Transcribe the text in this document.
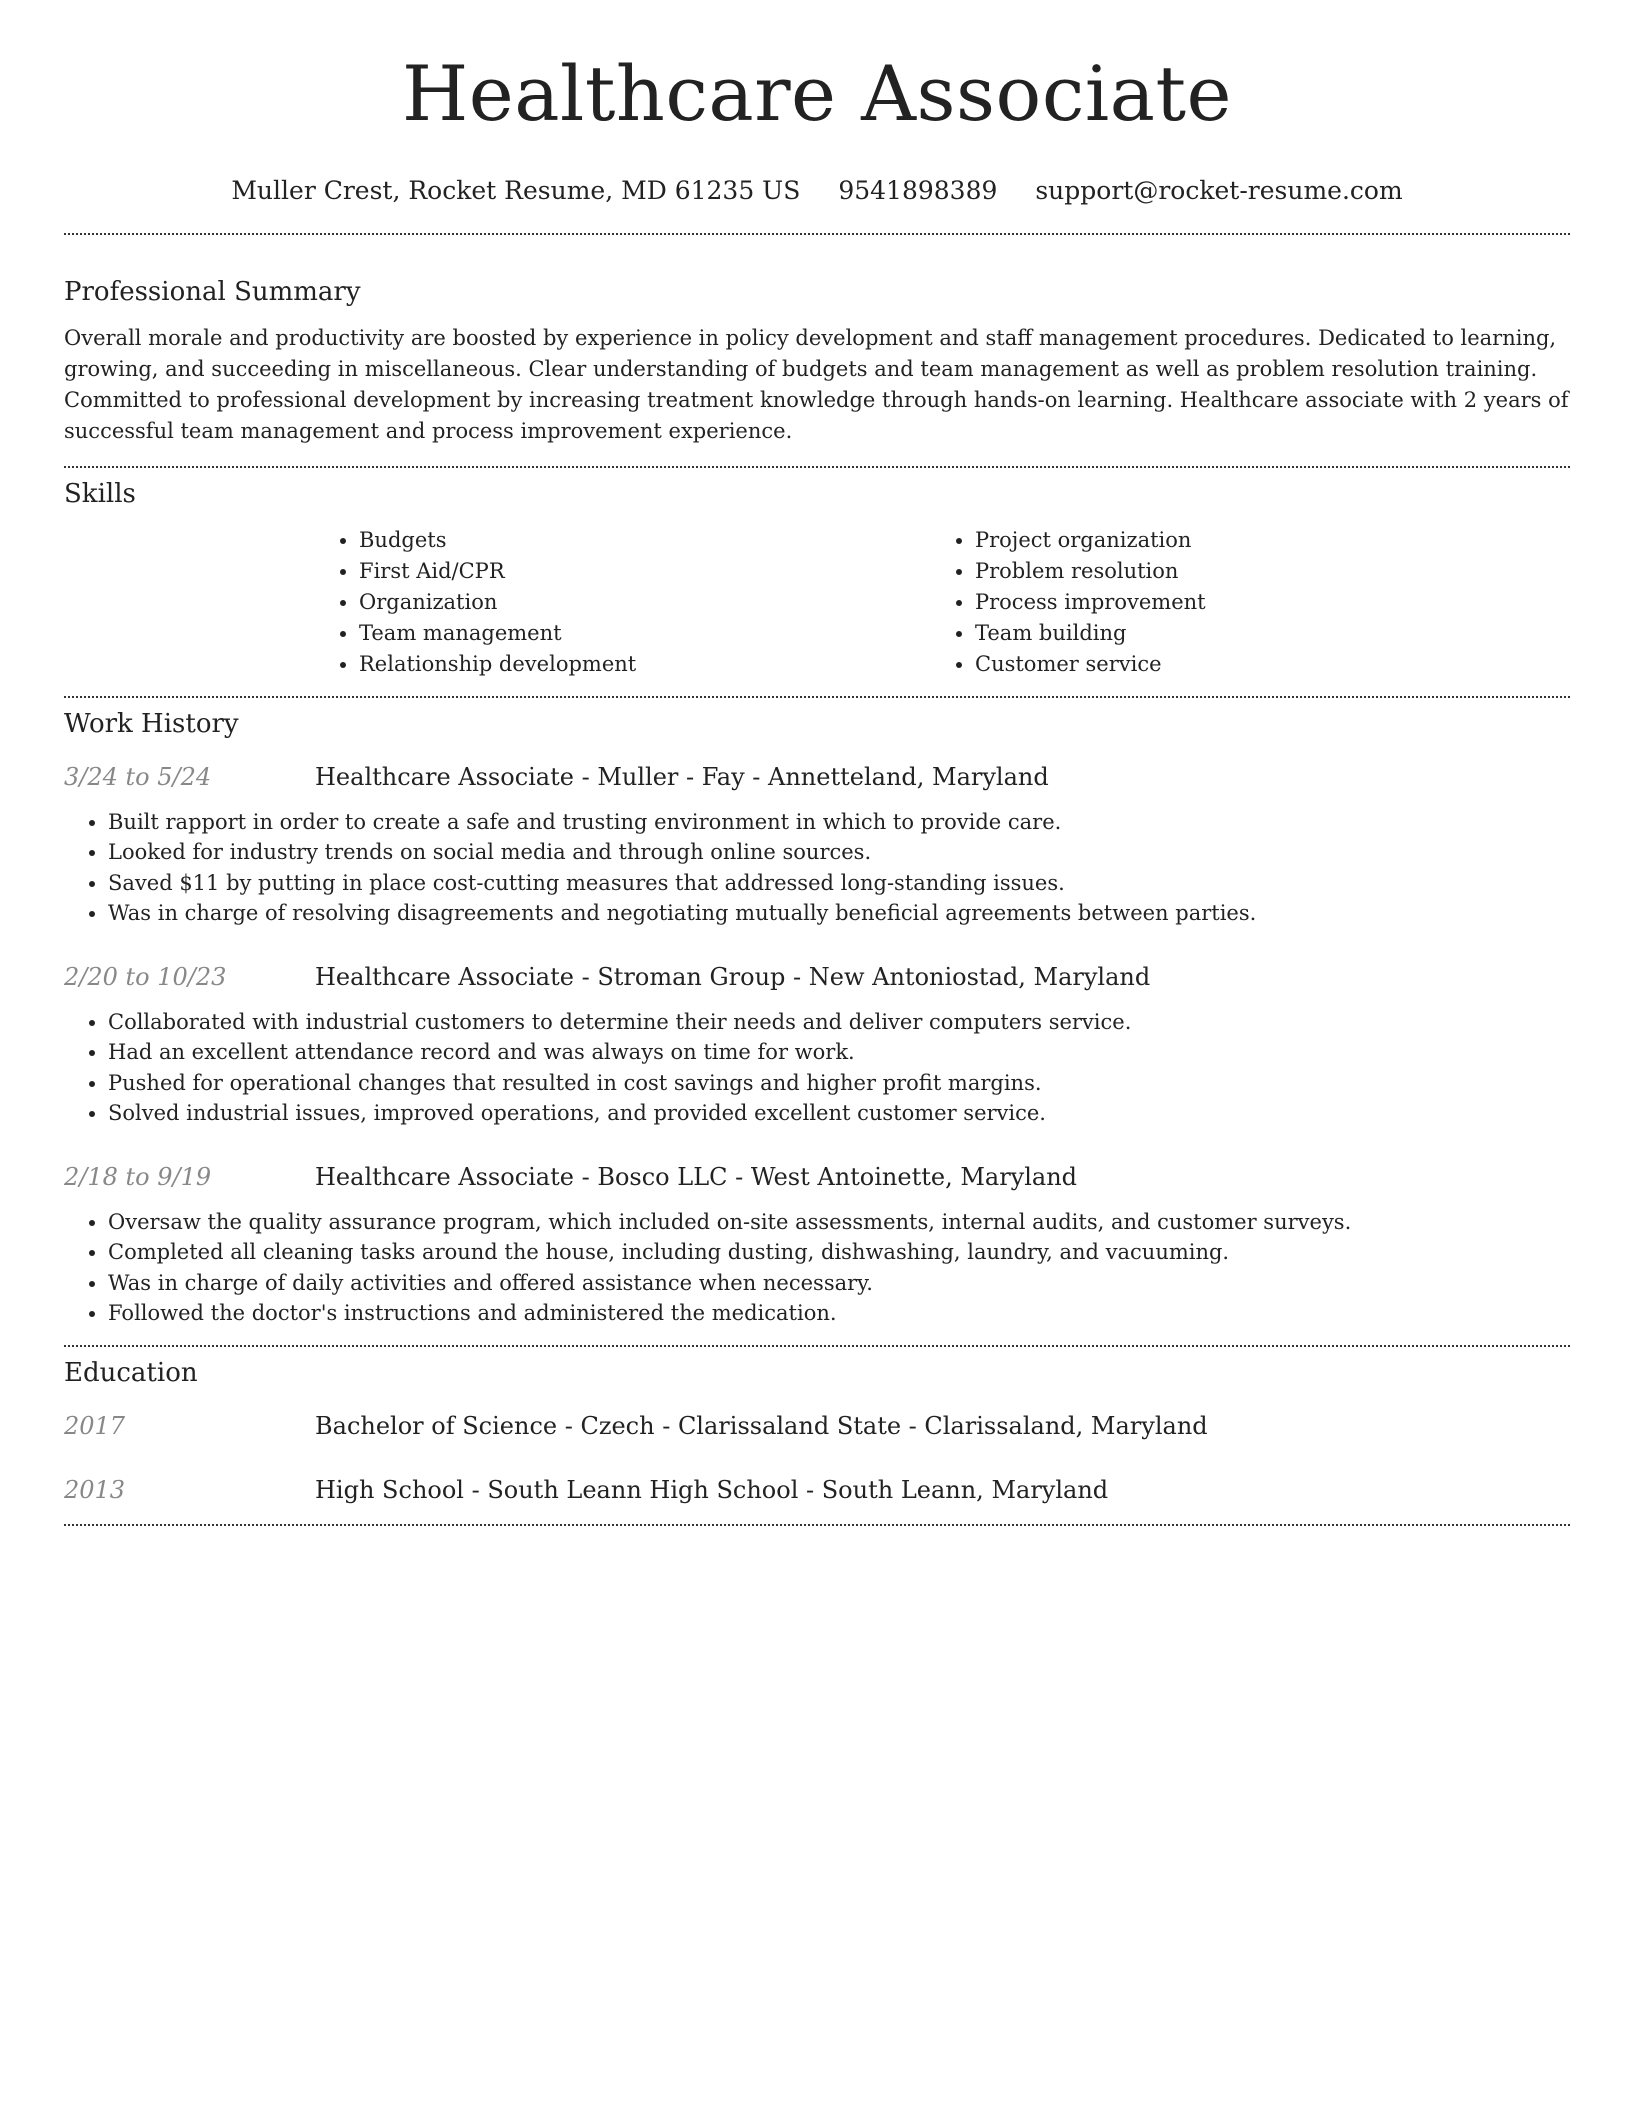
Healthcare Associate
Muller Crest, Rocket Resume, MD 61235 US 9541898389 support@rocket-resume.com
Professional Summary

Overall morale and productivity are boosted by experience in policy development and staff management procedures. Dedicated to learning, growing, and succeeding in miscellaneous. Clear understanding of budgets and team management as well as problem resolution training. Committed to professional development by increasing treatment knowledge through hands-on learning. Healthcare associate with 2 years of successful team management and process improvement experience.

Skills
• Budgets
• First Aid/CPR
• Organization
• Team management
• Relationship development
• Project organization
• Problem resolution
• Process improvement
• Team building
• Customer service
Work History
3/24 to 5/24	Healthcare Associate - Muller - Fay - Annetteland, Maryland
• Built rapport in order to create a safe and trusting environment in which to provide care.
• Looked for industry trends on social media and through online sources.
• Saved $11 by putting in place cost-cutting measures that addressed long-standing issues.
• Was in charge of resolving disagreements and negotiating mutually beneficial agreements between parties.
2/20 to 10/23	Healthcare Associate - Stroman Group - New Antoniostad, Maryland
• Collaborated with industrial customers to determine their needs and deliver computers service.
• Had an excellent attendance record and was always on time for work.
• Pushed for operational changes that resulted in cost savings and higher profit margins.
• Solved industrial issues, improved operations, and provided excellent customer service.
2/18 to 9/19	Healthcare Associate - Bosco LLC - West Antoinette, Maryland
• Oversaw the quality assurance program, which included on-site assessments, internal audits, and customer surveys.
• Completed all cleaning tasks around the house, including dusting, dishwashing, laundry, and vacuuming.
• Was in charge of daily activities and offered assistance when necessary.
• Followed the doctor's instructions and administered the medication.
Education
2017	Bachelor of Science - Czech - Clarissaland State - Clarissaland, Maryland
2013	High School - South Leann High School - South Leann, Maryland
